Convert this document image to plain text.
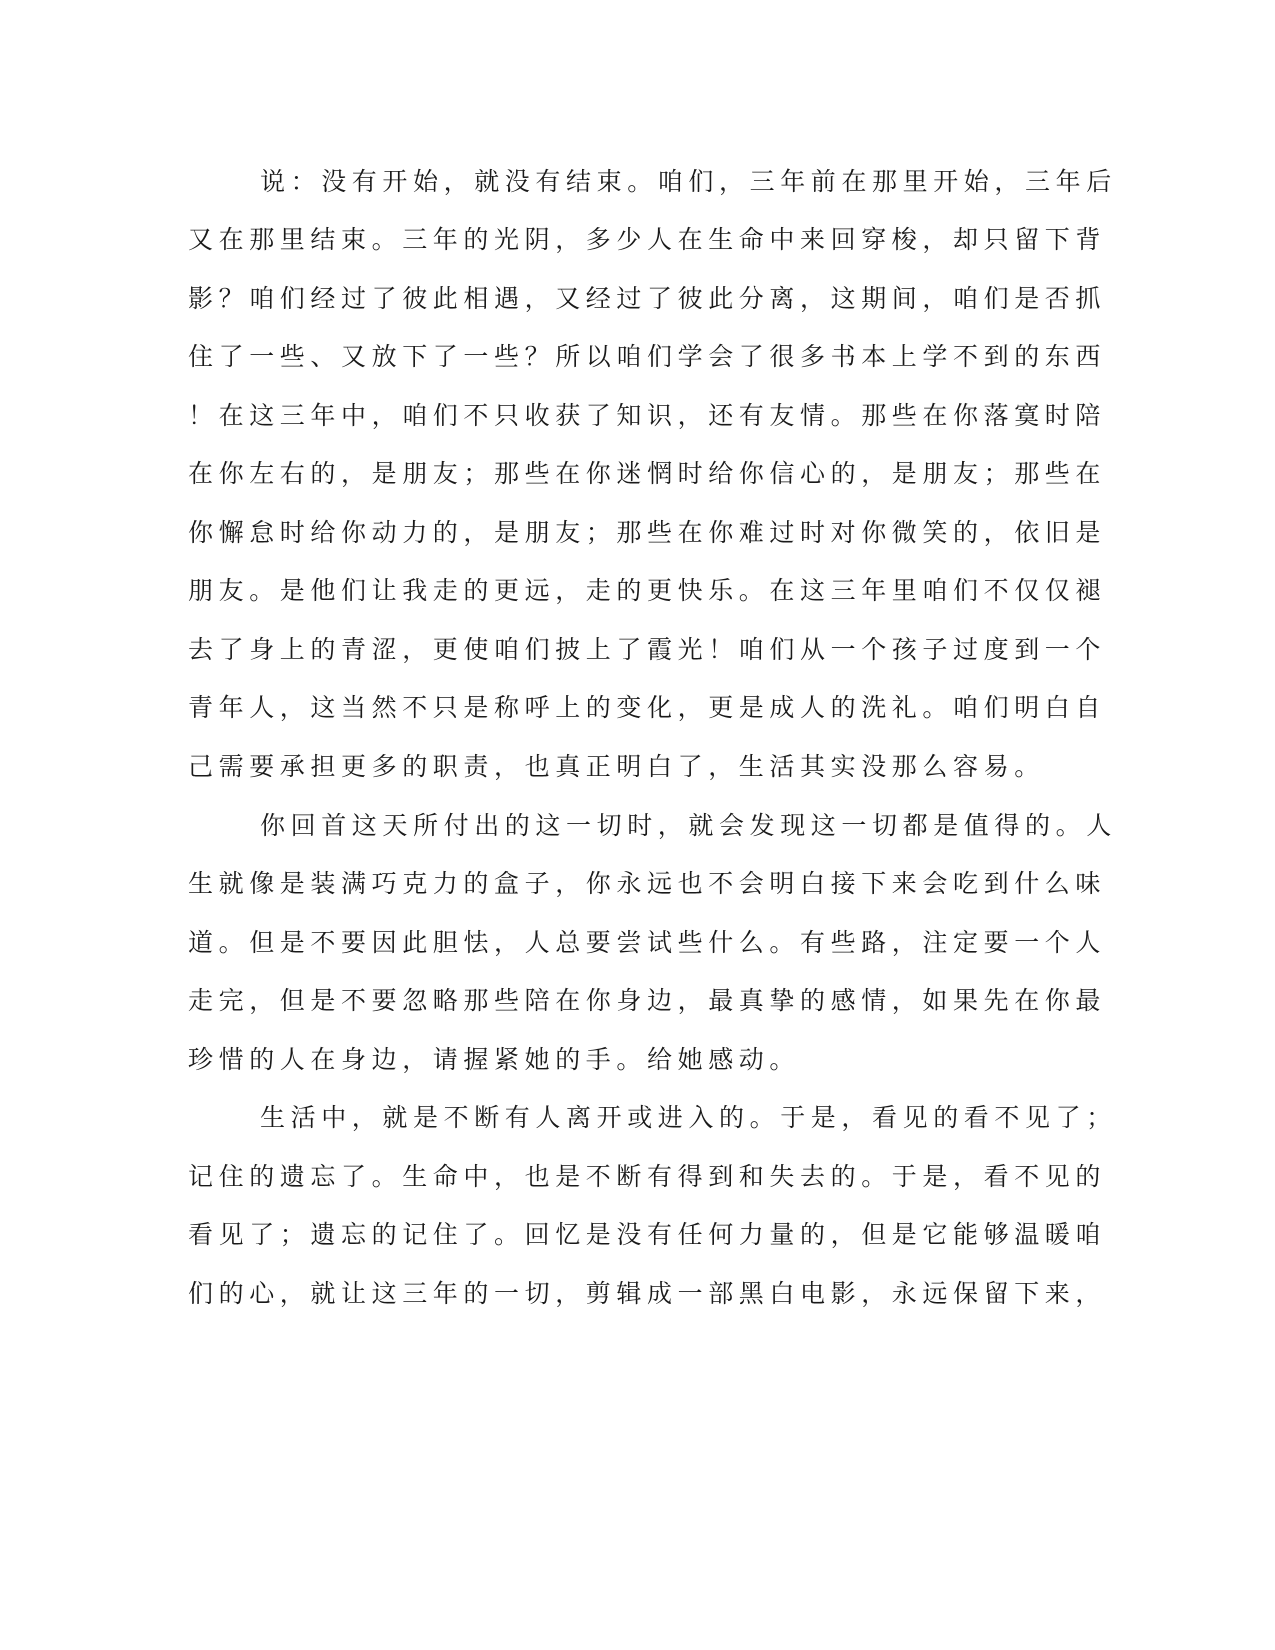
说：没有开始，就没有结束。咱们，三年前在那里开始，三年后
又在那里结束。三年的光阴，多少人在生命中来回穿梭，却只留下背
影？咱们经过了彼此相遇，又经过了彼此分离，这期间，咱们是否抓
住了一些、又放下了一些？所以咱们学会了很多书本上学不到的东西
！在这三年中，咱们不只收获了知识，还有友情。那些在你落寞时陪
在你左右的，是朋友；那些在你迷惘时给你信心的，是朋友；那些在
你懈怠时给你动力的，是朋友；那些在你难过时对你微笑的，依旧是
朋友。是他们让我走的更远，走的更快乐。在这三年里咱们不仅仅褪
去了身上的青涩，更使咱们披上了霞光！咱们从一个孩子过度到一个
青年人，这当然不只是称呼上的变化，更是成人的洗礼。咱们明白自
己需要承担更多的职责，也真正明白了，生活其实没那么容易。
你回首这天所付出的这一切时，就会发现这一切都是值得的。人
生就像是装满巧克力的盒子，你永远也不会明白接下来会吃到什么味
道。但是不要因此胆怯，人总要尝试些什么。有些路，注定要一个人
走完，但是不要忽略那些陪在你身边，最真挚的感情，如果先在你最
珍惜的人在身边，请握紧她的手。给她感动。
生活中，就是不断有人离开或进入的。于是，看见的看不见了；
记住的遗忘了。生命中，也是不断有得到和失去的。于是，看不见的
看见了；遗忘的记住了。回忆是没有任何力量的，但是它能够温暖咱
们的心，就让这三年的一切，剪辑成一部黑白电影，永远保留下来，
